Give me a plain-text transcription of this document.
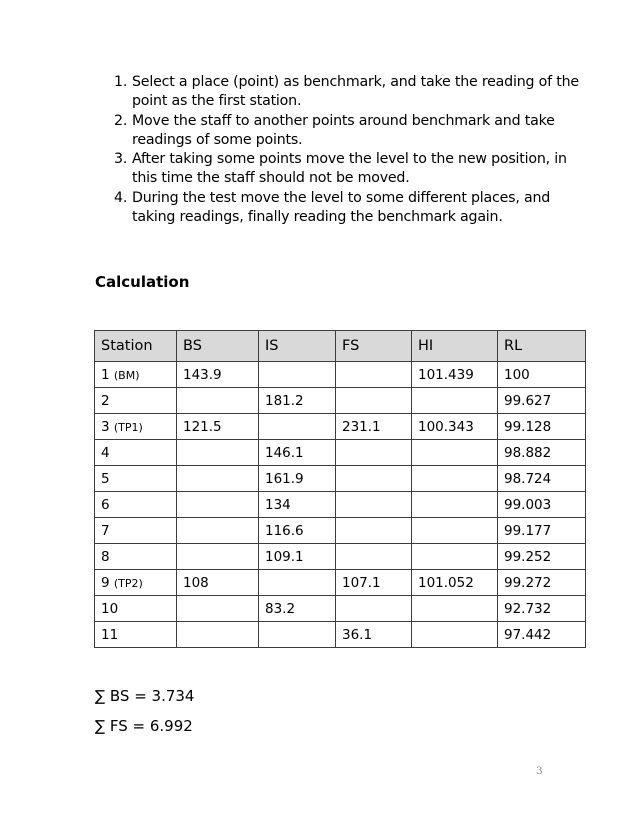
1. Select a place (point) as benchmark, and take the reading of the point as the first station.
2. Move the staff to another points around benchmark and take readings of some points.
3. After taking some points move the level to the new position, in this time the staff should not be moved.
4. During the test move the level to some different places, and taking readings, finally reading the benchmark again.
Calculation
Station	BS	IS	FS	HI	RL
1 (BM)	143.9			101.439	100
2		181.2			99.627
3 (TP1)	121.5		231.1	100.343	99.128
4		146.1			98.882
5		161.9			98.724
6		134			99.003
7		116.6			99.177
8		109.1			99.252
9 (TP2)	108		107.1	101.052	99.272
10		83.2			92.732
11			36.1		97.442
∑ BS = 3.734
∑ FS = 6.992
3
